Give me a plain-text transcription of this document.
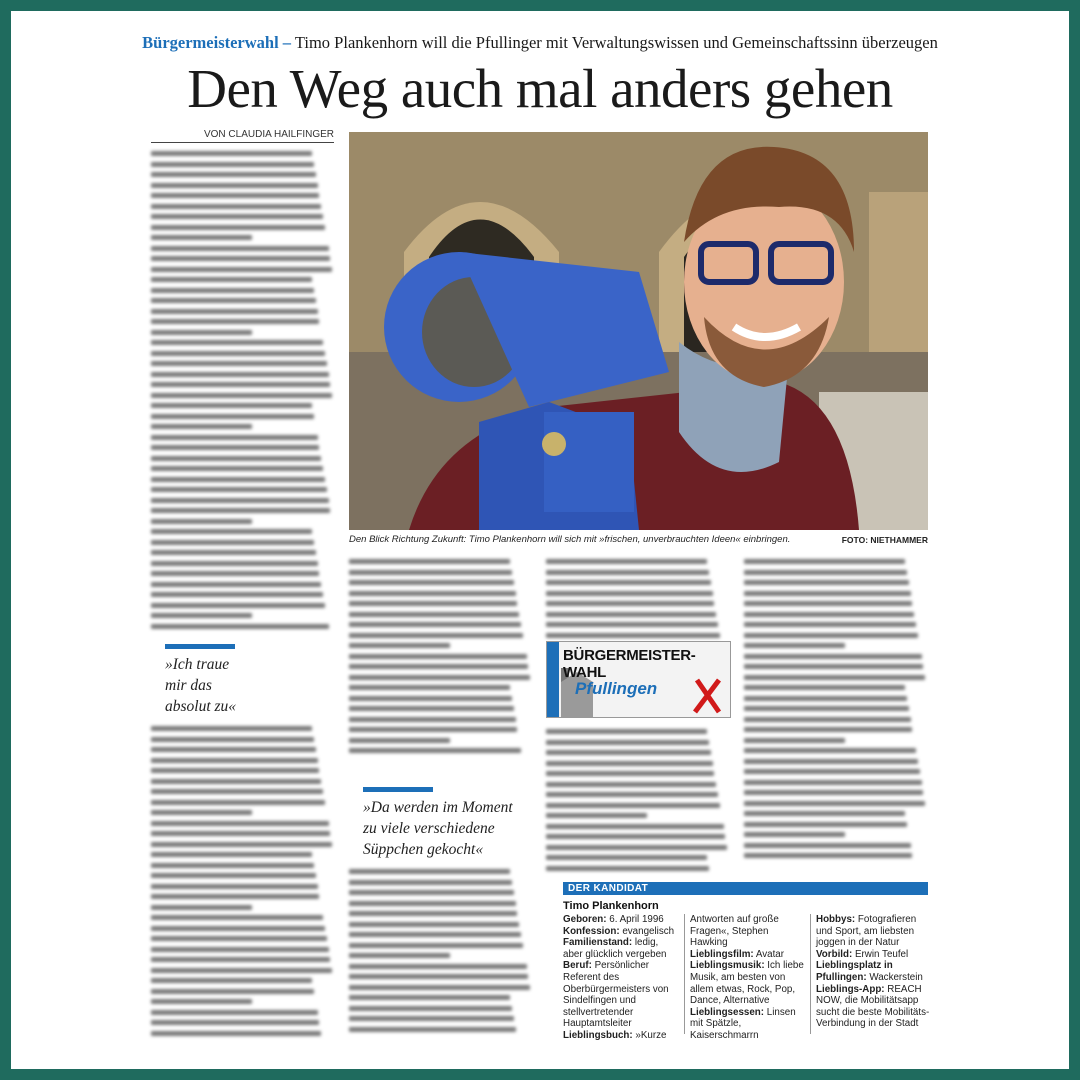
Bürgermeisterwahl – Timo Plankenhorn will die Pfullinger mit Verwaltungswissen und Gemeinschaftssinn überzeugen
Den Weg auch mal anders gehen
VON CLAUDIA HAILFINGER
Den Blick Richtung Zukunft: Timo Plankenhorn will sich mit »frischen, unverbrauchten Ideen« einbringen.	FOTO: NIETHAMMER
»Ich traue
mir das
absolut zu«
»Da werden im Moment
zu viele verschiedene
Süppchen gekocht«
BÜRGERMEISTER-WAHL
Pfullingen
DER KANDIDAT
Timo Plankenhorn
Geboren: 6. April 1996
Konfession: evangelisch
Familienstand: ledig, aber glücklich vergeben
Beruf: Persönlicher Referent des Oberbürgermeisters von Sindelfingen und stellvertretender Hauptamtsleiter
Lieblingsbuch: »Kurze
Antworten auf große Fragen«, Stephen Hawking
Lieblingsfilm: Avatar
Lieblingsmusik: Ich liebe Musik, am besten von allem etwas, Rock, Pop, Dance, Alternative
Lieblingsessen: Linsen mit Spätzle, Kaiserschmarrn
Hobbys: Fotografieren und Sport, am liebsten joggen in der Natur
Vorbild: Erwin Teufel
Lieblingsplatz in Pfullingen: Wackerstein
Lieblings-App: REACH NOW, die Mobilitätsapp sucht die beste Mobilitäts-Verbindung in der Stadt
